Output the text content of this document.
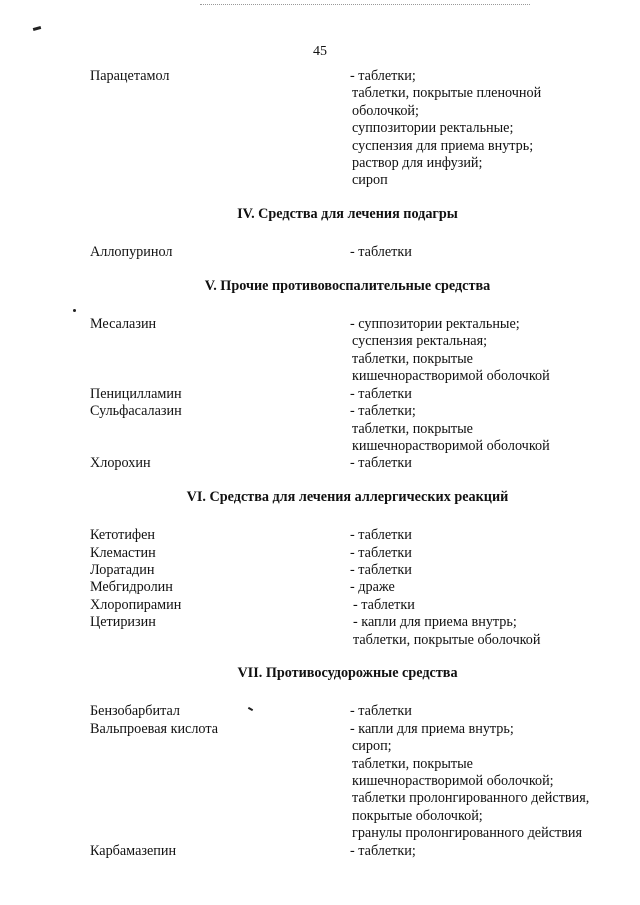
45
Парацетамол	- таблетки;
таблетки, покрытые пленочной
оболочкой;
суппозитории ректальные;
суспензия для приема внутрь;
раствор для инфузий;
сироп
IV. Средства для лечения подагры
Аллопуринол	- таблетки
V. Прочие противовоспалительные средства
Месалазин	- суппозитории ректальные;
суспензия ректальная;
таблетки, покрытые
кишечнорастворимой оболочкой
Пеницилламин	- таблетки
Сульфасалазин	- таблетки;
таблетки, покрытые
кишечнорастворимой оболочкой
Хлорохин	- таблетки
VI. Средства для лечения аллергических реакций
Кетотифен	- таблетки
Клемастин	- таблетки
Лоратадин	- таблетки
Мебгидролин	- драже
Хлоропирамин	- таблетки
Цетиризин	- капли для приема внутрь;
таблетки, покрытые оболочкой
VII. Противосудорожные средства
Бензобарбитал	- таблетки
Вальпроевая кислота	- капли для приема внутрь;
сироп;
таблетки, покрытые
кишечнорастворимой оболочкой;
таблетки пролонгированного действия,
покрытые оболочкой;
гранулы пролонгированного действия
Карбамазепин	- таблетки;
